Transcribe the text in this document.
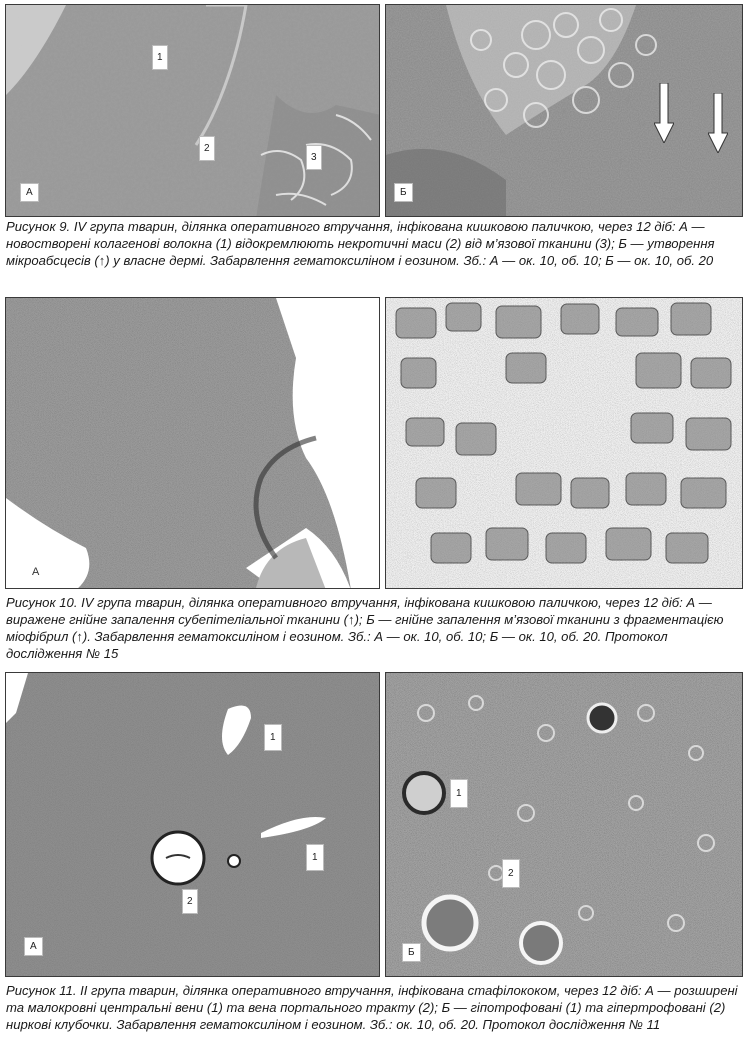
А
1
2
3
Б

Рисунок 9. IV група тварин, ділянка оперативного втручання, інфікована кишковою паличкою, через 12 діб: А — новостворені колагенові волокна (1) відокремлюють некротичні маси (2) від м’язової тканини (3); Б — утворення мікроабсцесів (↑) у власне дермі. Забарвлення гематоксиліном і еозином. Зб.: А — ок. 10, об. 10; Б — ок. 10, об. 20

А
Б

Рисунок 10. IV група тварин, ділянка оперативного втручання, інфікована кишковою паличкою, через 12 діб: А — виражене гнійне запалення субепітеліальної тканини (↑); Б — гнійне запалення м’язової тканини з фрагментацією міофібрил (↑). Забарвлення гематоксиліном і еозином. Зб.: А — ок. 10, об. 10; Б — ок. 10, об. 20. Протокол дослідження № 15

1
1
2
А
1
2
Б

Рисунок 11. II група тварин, ділянка оперативного втручання, інфікована стафілококом, через 12 діб: А — розширені та малокровні центральні вени (1) та вена портального тракту (2); Б — гіпотрофовані (1) та гіпертрофовані (2) ниркові клубочки. Забарвлення гематоксиліном і еозином. Зб.: ок. 10, об. 20. Протокол дослідження № 11
